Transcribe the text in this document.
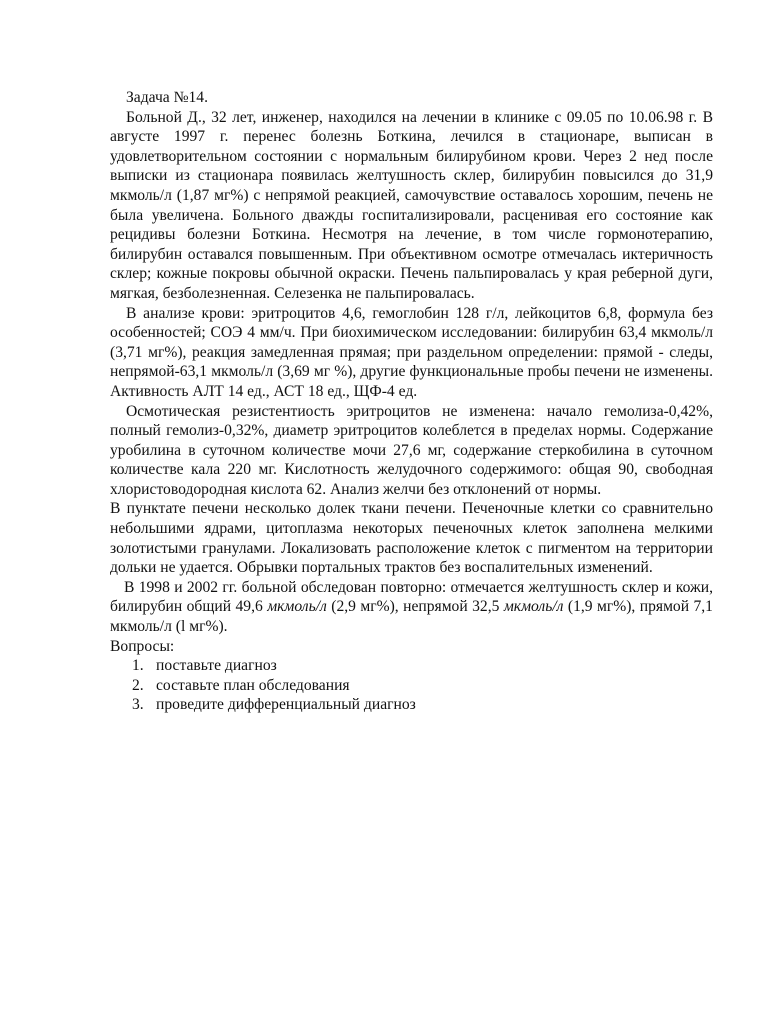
Задача №14.

Больной Д., 32 лет, инженер, находился на лечении в клинике с 09.05 по 10.06.98 г. В августе 1997 г. перенес болезнь Боткина, лечился в стационаре, выписан в удовлетворительном состоянии с нормальным билирубином крови. Через 2 нед после выписки из стационара появилась желтушность склер, билирубин повысился до 31,9 мкмоль/л (1,87 мг%) с непрямой реакцией, самочувствие оставалось хорошим, печень не была увеличена. Больного дважды госпитализировали, расценивая его состояние как рецидивы болезни Боткина. Несмотря на лечение, в том числе гормонотерапию, билирубин оставался повышенным. При объективном осмотре отмечалась иктеричность склер; кожные покровы обычной окраски. Печень пальпировалась у края реберной дуги, мягкая, безболезненная. Селезенка не пальпировалась.

В анализе крови: эритроцитов 4,6, гемоглобин 128 г/л, лейкоцитов 6,8, формула без особенностей; СОЭ 4 мм/ч. При биохимическом исследовании: билирубин 63,4 мкмоль/л (3,71 мг%), реакция замедленная прямая; при раздельном определении: прямой - следы, непрямой-63,1 мкмоль/л (3,69 мг %), другие функциональные пробы печени не изменены. Активность АЛТ 14 ед., АСТ 18 ед., ЩФ-4 ед.

Осмотическая резистентиость эритроцитов не изменена: начало гемолиза-0,42%, полный гемолиз-0,32%, диаметр эритроцитов колеблется в пределах нормы. Содержание уробилина в суточном количестве мочи 27,6 мг, содержание стеркобилина в суточном количестве кала 220 мг. Кислотность желудочного содержимого: общая 90, свободная хлористоводородная кислота 62. Анализ желчи без отклонений от нормы.

В пунктате печени несколько долек ткани печени. Печеночные клетки со сравнительно небольшими ядрами, цитоплазма некоторых печеночных клеток заполнена мелкими золотистыми гранулами. Локализовать расположение клеток с пигментом на территории дольки не удается. Обрывки портальных трактов без воспалительных изменений.

В 1998 и 2002 гг. больной обследован повторно: отмечается желтушность склер и кожи, билирубин общий 49,6 мкмоль/л (2,9 мг%), непрямой 32,5 мкмоль/л (1,9 мг%), прямой 7,1 мкмоль/л (l мг%).

Вопросы:

1. поставьте диагноз
2. составьте план обследования
3. проведите дифференциальный диагноз
